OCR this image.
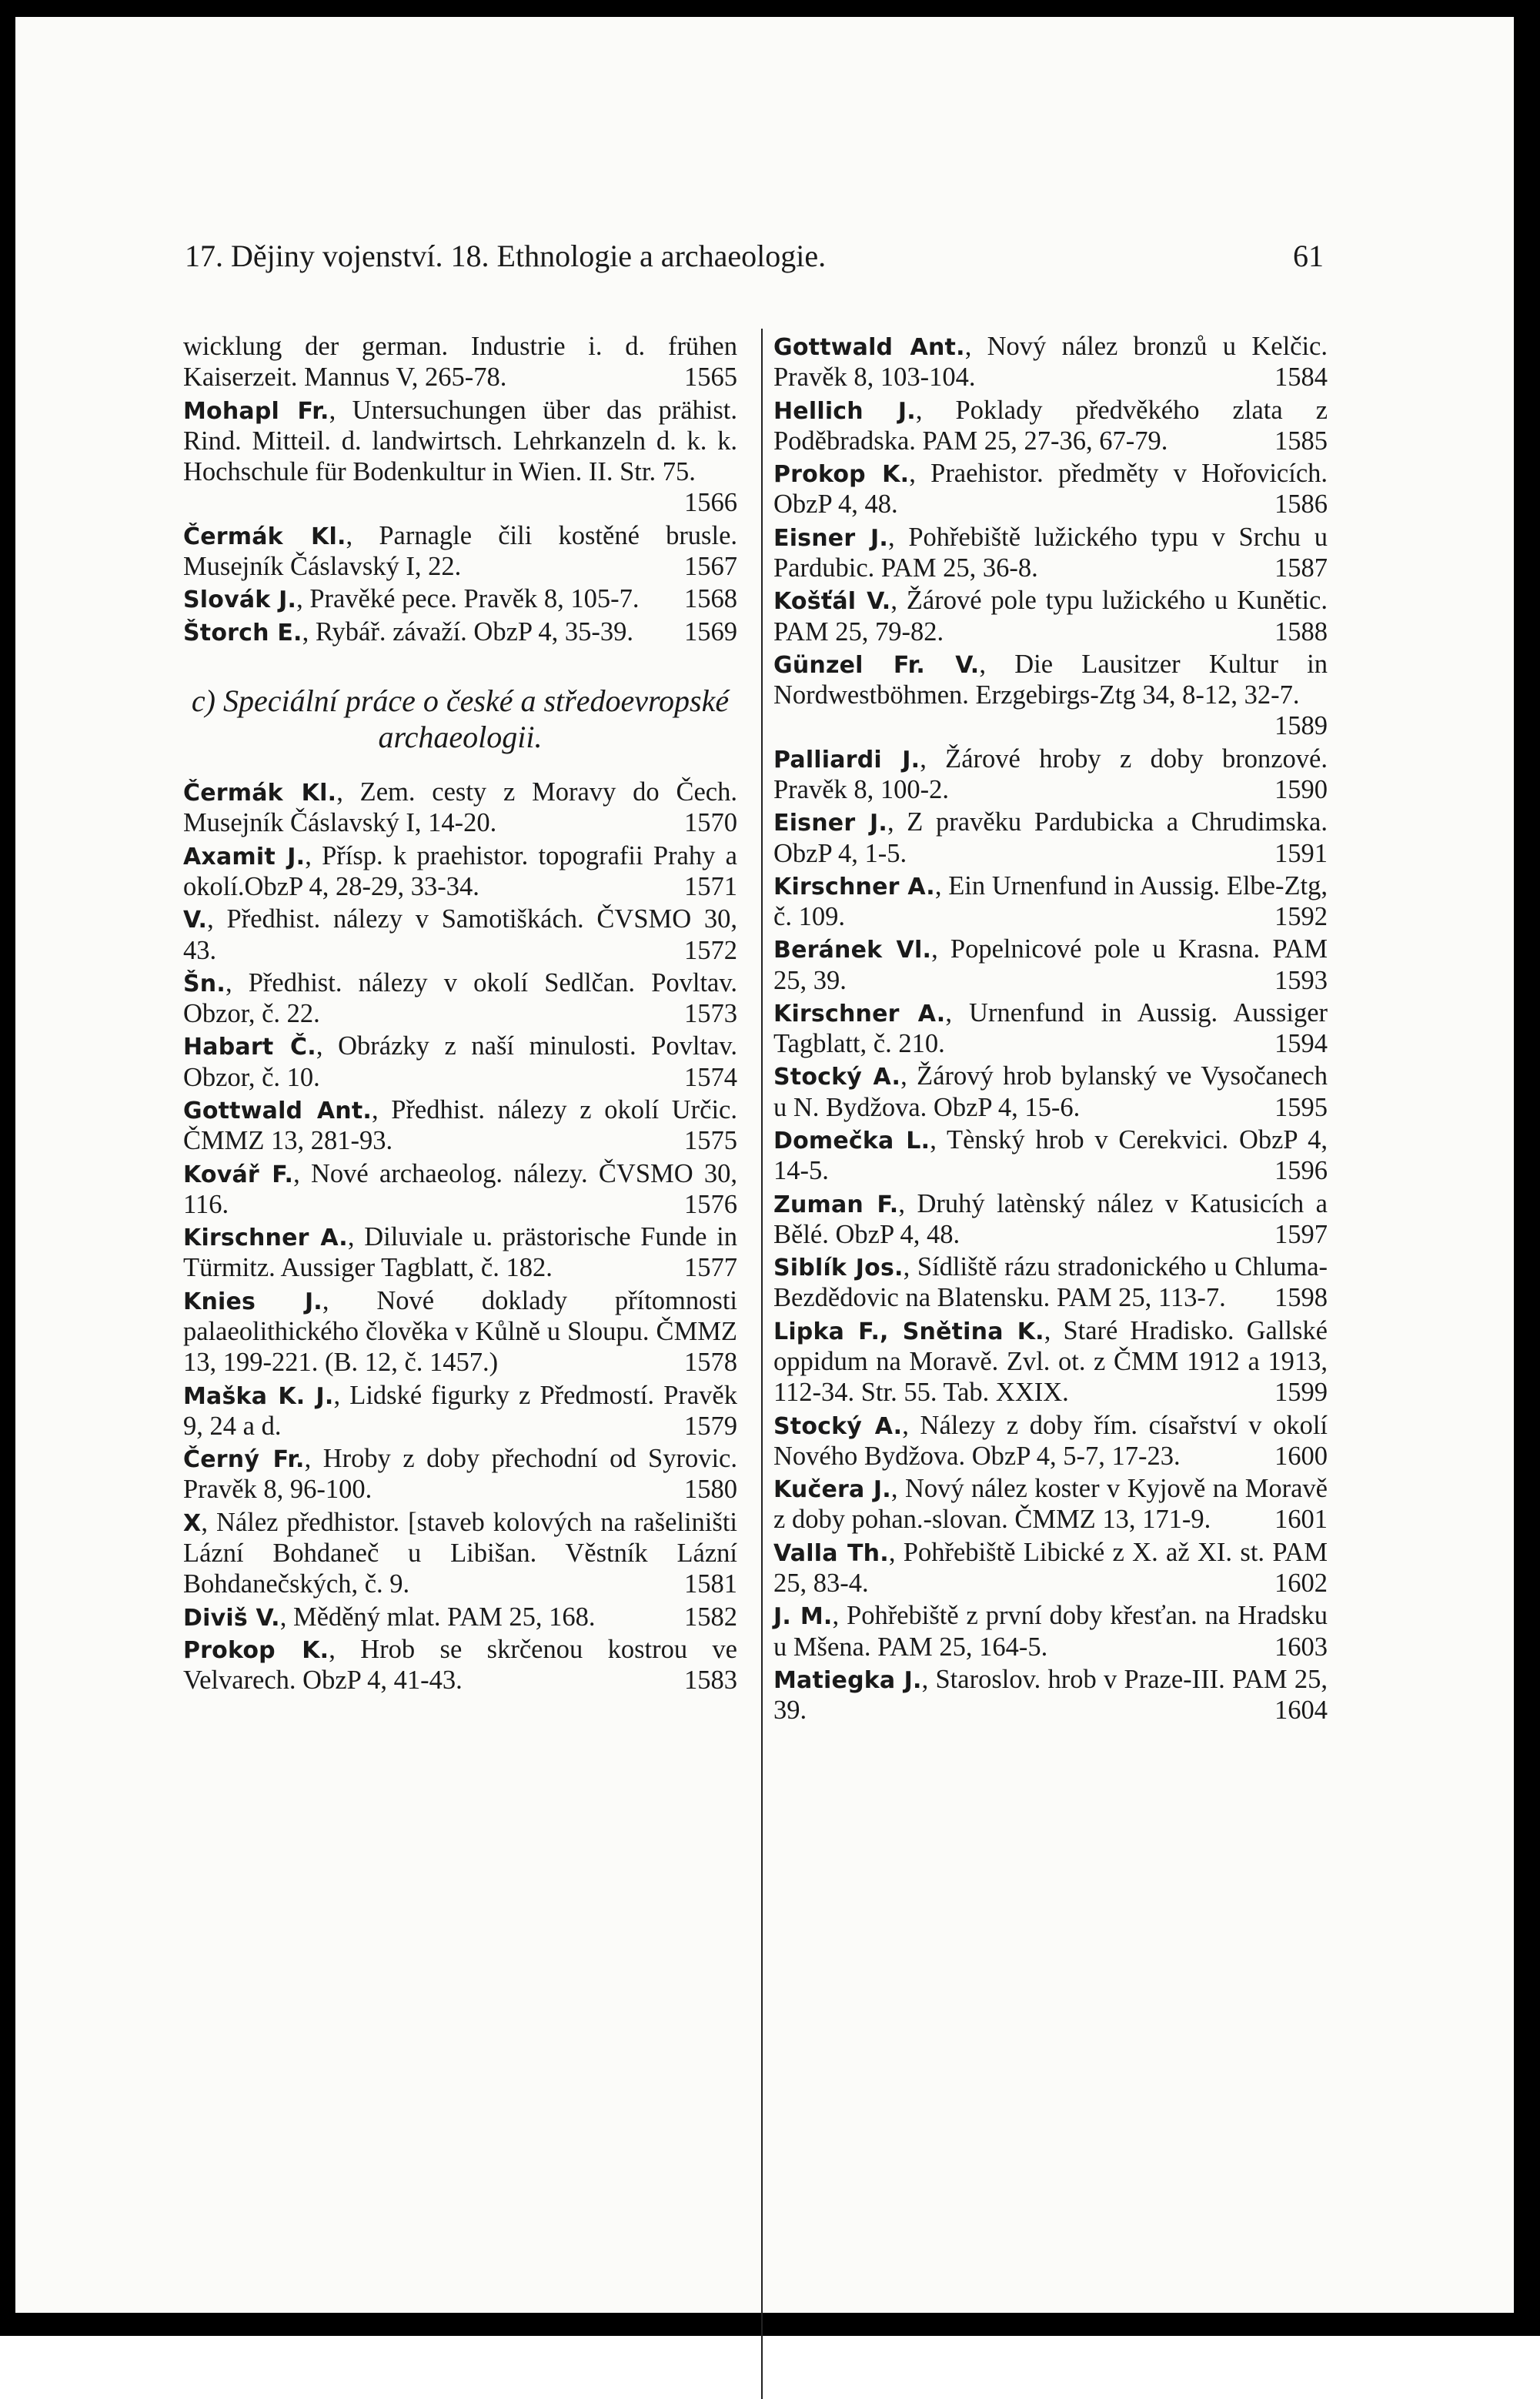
17. Dějiny vojenství. 18. Ethnologie a archaeologie.	61

wicklung der german. Industrie i. d. frühen Kaiserzeit. Mannus V, 265-78.	1565

Mohapl Fr., Untersuchungen über das prähist. Rind. Mitteil. d. landwirtsch. Lehrkanzeln d. k. k. Hochschule für Bodenkultur in Wien. II. Str. 75.
1566

Čermák Kl., Parnagle čili kostěné brusle. Musejník Čáslavský I, 22.	1567

Slovák J., Pravěké pece. Pravěk 8, 105-7. 1568

Štorch E., Rybář. závaží. ObzP 4, 35-39. 1569

c) Speciální práce o české a středoevropské archaeologii.

Čermák Kl., Zem. cesty z Moravy do Čech. Musejník Čáslavský I, 14-20.	1570

Axamit J., Přísp. k praehistor. topografii Prahy a okolí.ObzP 4, 28-29, 33-34.	1571

V., Předhist. nálezy v Samotiškách. ČVSMO 30, 43.	1572

Šn., Předhist. nálezy v okolí Sedlčan. Povltav. Obzor, č. 22.	1573

Habart Č., Obrázky z naší minulosti. Povltav. Obzor, č. 10.	1574

Gottwald Ant., Předhist. nálezy z okolí Určic. ČMMZ 13, 281-93.	1575

Kovář F., Nové archaeolog. nálezy. ČVSMO 30, 116.	1576

Kirschner A., Diluviale u. prästorische Funde in Türmitz. Aussiger Tagblatt, č. 182.	1577

Knies J., Nové doklady přítomnosti palaeolithického člověka v Kůlně u Sloupu. ČMMZ 13, 199-221. (B. 12, č. 1457.)	1578

Maška K. J., Lidské figurky z Předmostí. Pravěk 9, 24 a d.	1579

Černý Fr., Hroby z doby přechodní od Syrovic. Pravěk 8, 96-100.	1580

X, Nález předhistor. [staveb kolových na rašeliništi Lázní Bohdaneč u Libišan. Věstník Lázní Bohdanečských, č. 9.	1581

Diviš V., Měděný mlat. PAM 25, 168.	1582

Prokop K., Hrob se skrčenou kostrou ve Velvarech. ObzP 4, 41-43.	1583

Gottwald Ant., Nový nález bronzů u Kelčic. Pravěk 8, 103-104.	1584

Hellich J., Poklady předvěkého zlata z Poděbradska. PAM 25, 27-36, 67-79.	1585

Prokop K., Praehistor. předměty v Hořovicích. ObzP 4, 48.	1586

Eisner J., Pohřebiště lužického typu v Srchu u Pardubic. PAM 25, 36-8.	1587

Košťál V., Žárové pole typu lužického u Kunětic. PAM 25, 79-82.	1588

Günzel Fr. V., Die Lausitzer Kultur in Nordwestböhmen. Erzgebirgs-Ztg 34, 8-12, 32-7.
1589

Palliardi J., Žárové hroby z doby bronzové. Pravěk 8, 100-2.	1590

Eisner J., Z pravěku Pardubicka a Chrudimska. ObzP 4, 1-5.	1591

Kirschner A., Ein Urnenfund in Aussig. Elbe-Ztg, č. 109.	1592

Beránek Vl., Popelnicové pole u Krasna. PAM 25, 39.	1593

Kirschner A., Urnenfund in Aussig. Aussiger Tagblatt, č. 210.	1594

Stocký A., Žárový hrob bylanský ve Vysočanech u N. Bydžova. ObzP 4, 15-6.	1595

Domečka L., Tènský hrob v Cerekvici. ObzP 4, 14-5.	1596

Zuman F., Druhý latènský nález v Katusicích a Bělé. ObzP 4, 48.	1597

Siblík Jos., Sídliště rázu stradonického u Chluma-Bezdědovic na Blatensku. PAM 25, 113-7. 1598

Lipka F., Snětina K., Staré Hradisko. Gallské oppidum na Moravě. Zvl. ot. z ČMM 1912 a 1913, 112-34. Str. 55. Tab. XXIX.	1599

Stocký A., Nálezy z doby řím. císařství v okolí Nového Bydžova. ObzP 4, 5-7, 17-23.	1600

Kučera J., Nový nález koster v Kyjově na Moravě z doby pohan.-slovan. ČMMZ 13, 171-9. 1601

Valla Th., Pohřebiště Libické z X. až XI. st. PAM 25, 83-4.	1602

J. M., Pohřebiště z první doby křesťan. na Hradsku u Mšena. PAM 25, 164-5.	1603

Matiegka J., Staroslov. hrob v Praze-III. PAM 25, 39.	1604
